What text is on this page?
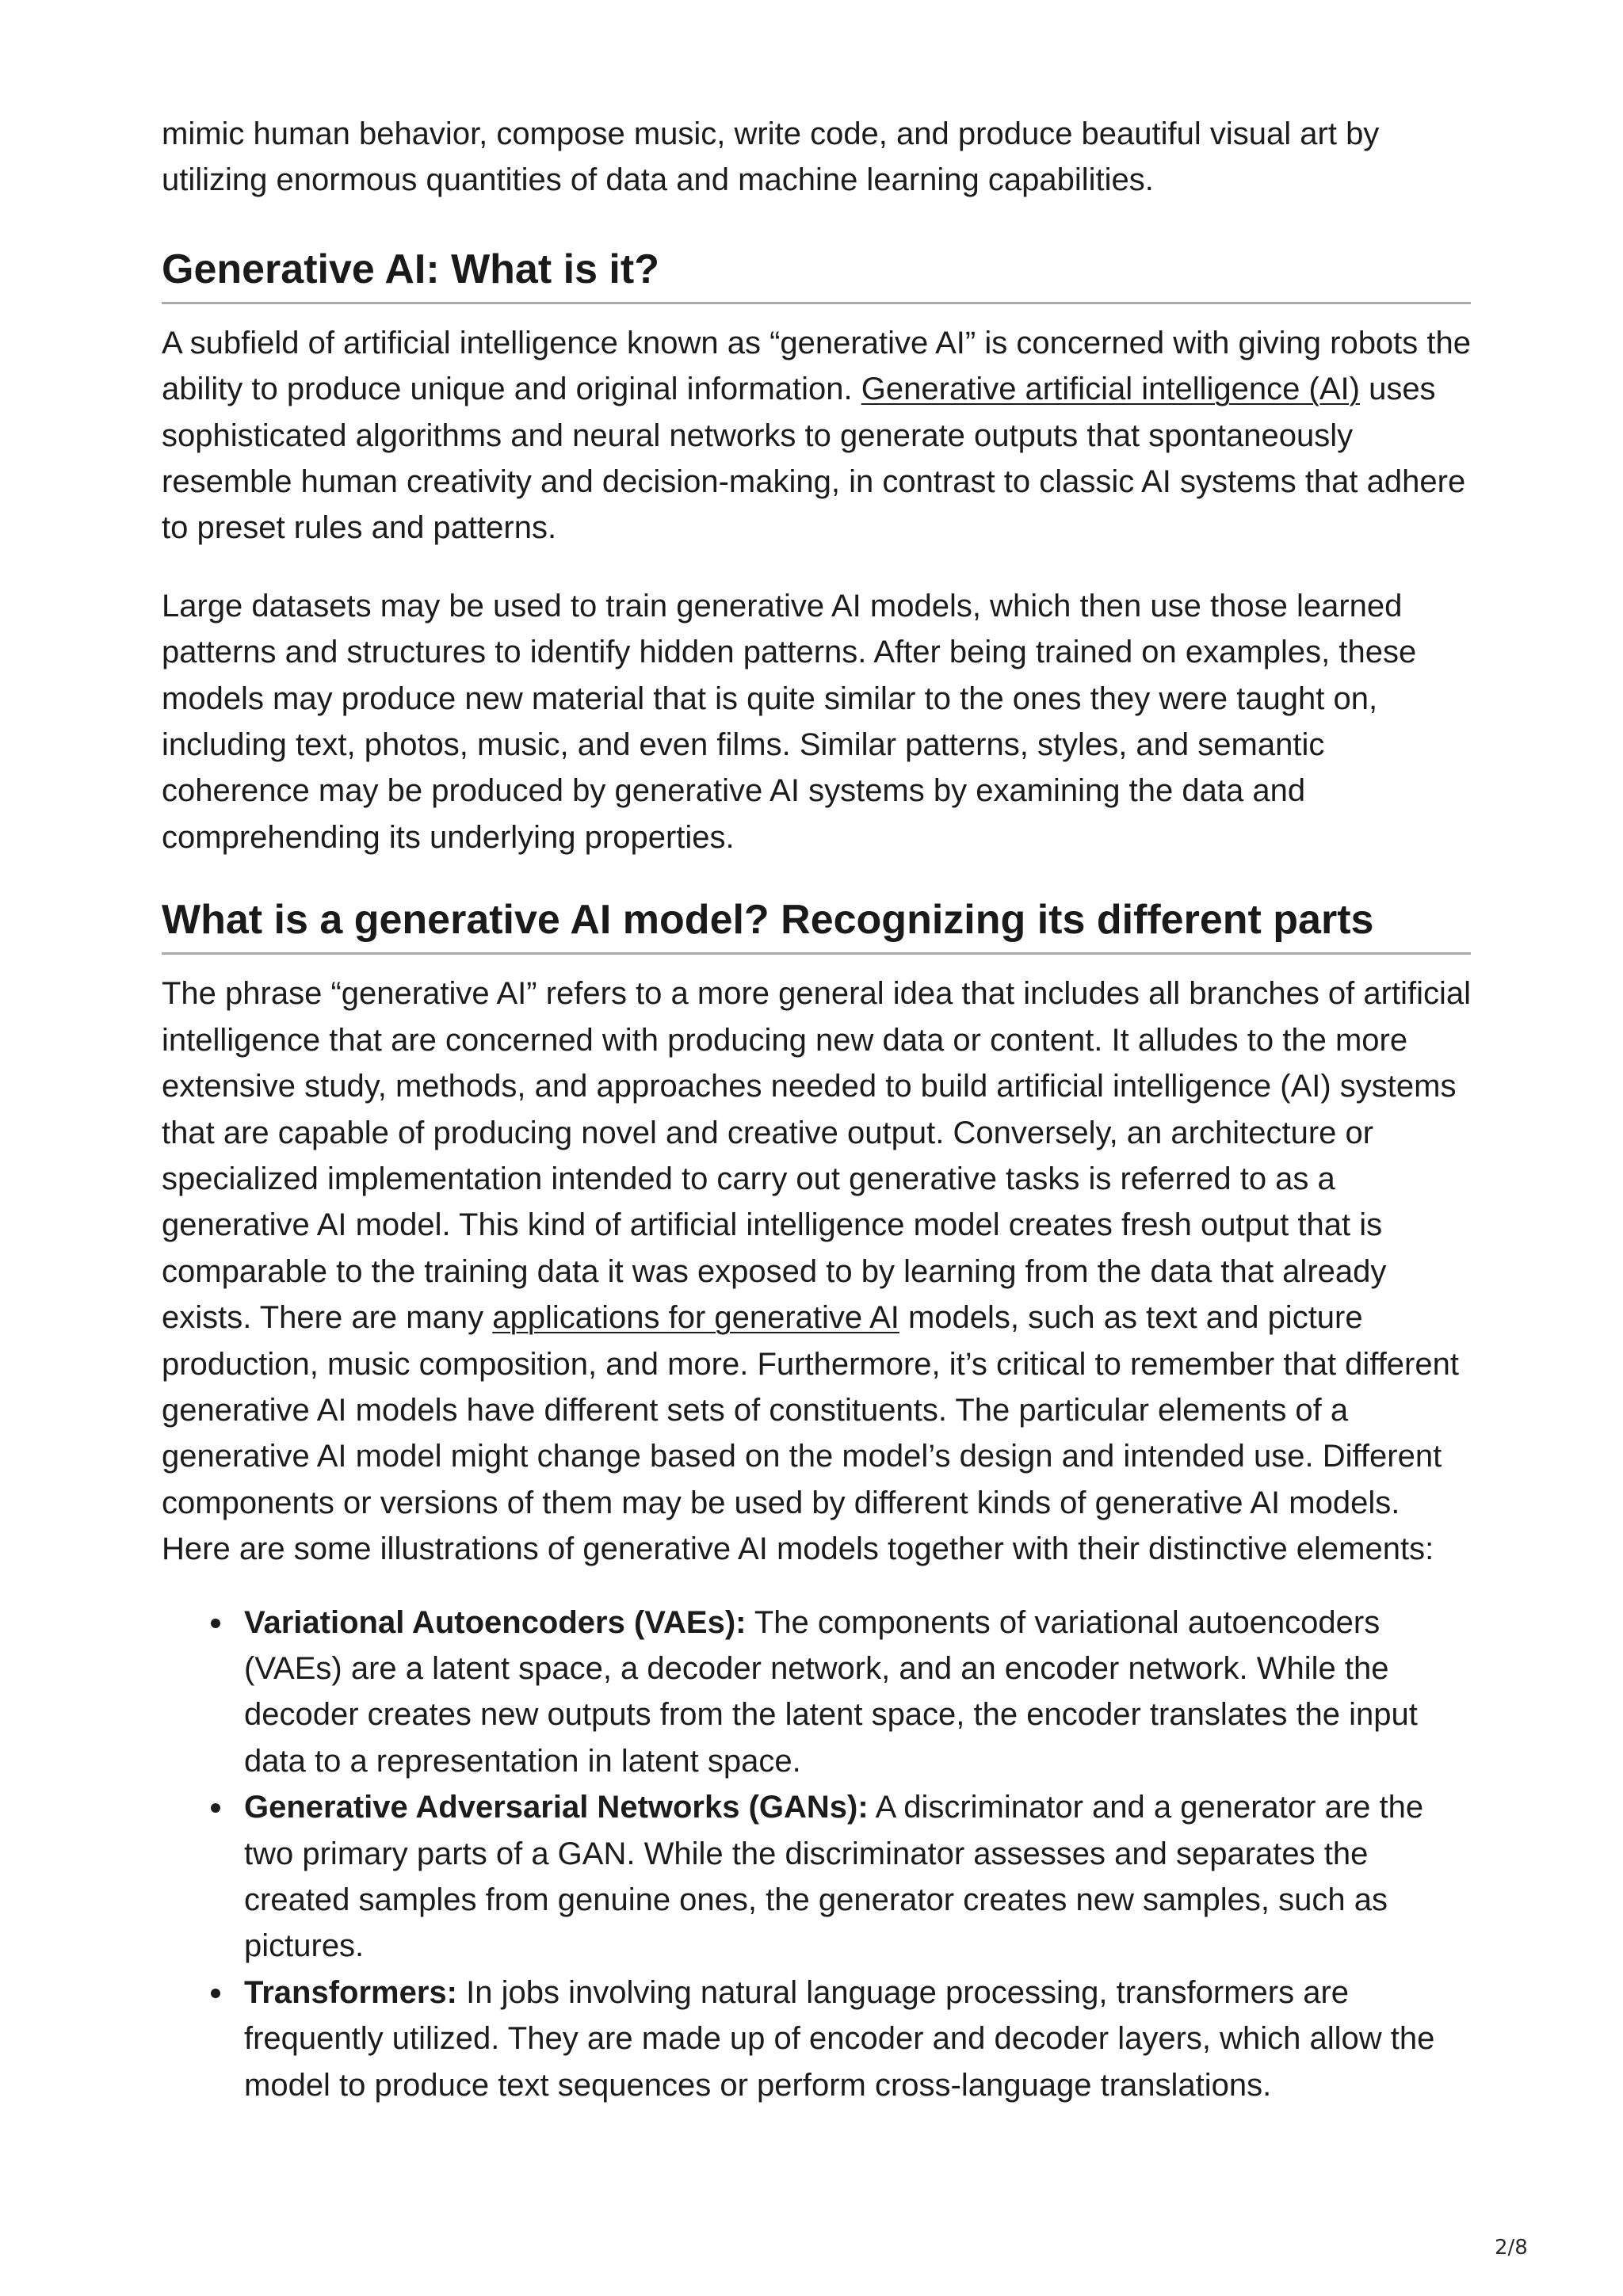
mimic human behavior, compose music, write code, and produce beautiful visual art by utilizing enormous quantities of data and machine learning capabilities.

Generative AI: What is it?

A subfield of artificial intelligence known as “generative AI” is concerned with giving robots the ability to produce unique and original information. Generative artificial intelligence (AI) uses sophisticated algorithms and neural networks to generate outputs that spontaneously resemble human creativity and decision-making, in contrast to classic AI systems that adhere to preset rules and patterns.

Large datasets may be used to train generative AI models, which then use those learned patterns and structures to identify hidden patterns. After being trained on examples, these models may produce new material that is quite similar to the ones they were taught on, including text, photos, music, and even films. Similar patterns, styles, and semantic coherence may be produced by generative AI systems by examining the data and comprehending its underlying properties.

What is a generative AI model? Recognizing its different parts

The phrase “generative AI” refers to a more general idea that includes all branches of artificial intelligence that are concerned with producing new data or content. It alludes to the more extensive study, methods, and approaches needed to build artificial intelligence (AI) systems that are capable of producing novel and creative output. Conversely, an architecture or specialized implementation intended to carry out generative tasks is referred to as a generative AI model. This kind of artificial intelligence model creates fresh output that is comparable to the training data it was exposed to by learning from the data that already exists. There are many applications for generative AI models, such as text and picture production, music composition, and more. Furthermore, it’s critical to remember that different generative AI models have different sets of constituents. The particular elements of a generative AI model might change based on the model’s design and intended use. Different components or versions of them may be used by different kinds of generative AI models. Here are some illustrations of generative AI models together with their distinctive elements:

Variational Autoencoders (VAEs): The components of variational autoencoders (VAEs) are a latent space, a decoder network, and an encoder network. While the decoder creates new outputs from the latent space, the encoder translates the input data to a representation in latent space.
Generative Adversarial Networks (GANs): A discriminator and a generator are the two primary parts of a GAN. While the discriminator assesses and separates the created samples from genuine ones, the generator creates new samples, such as pictures.
Transformers: In jobs involving natural language processing, transformers are frequently utilized. They are made up of encoder and decoder layers, which allow the model to produce text sequences or perform cross-language translations.
2/8
